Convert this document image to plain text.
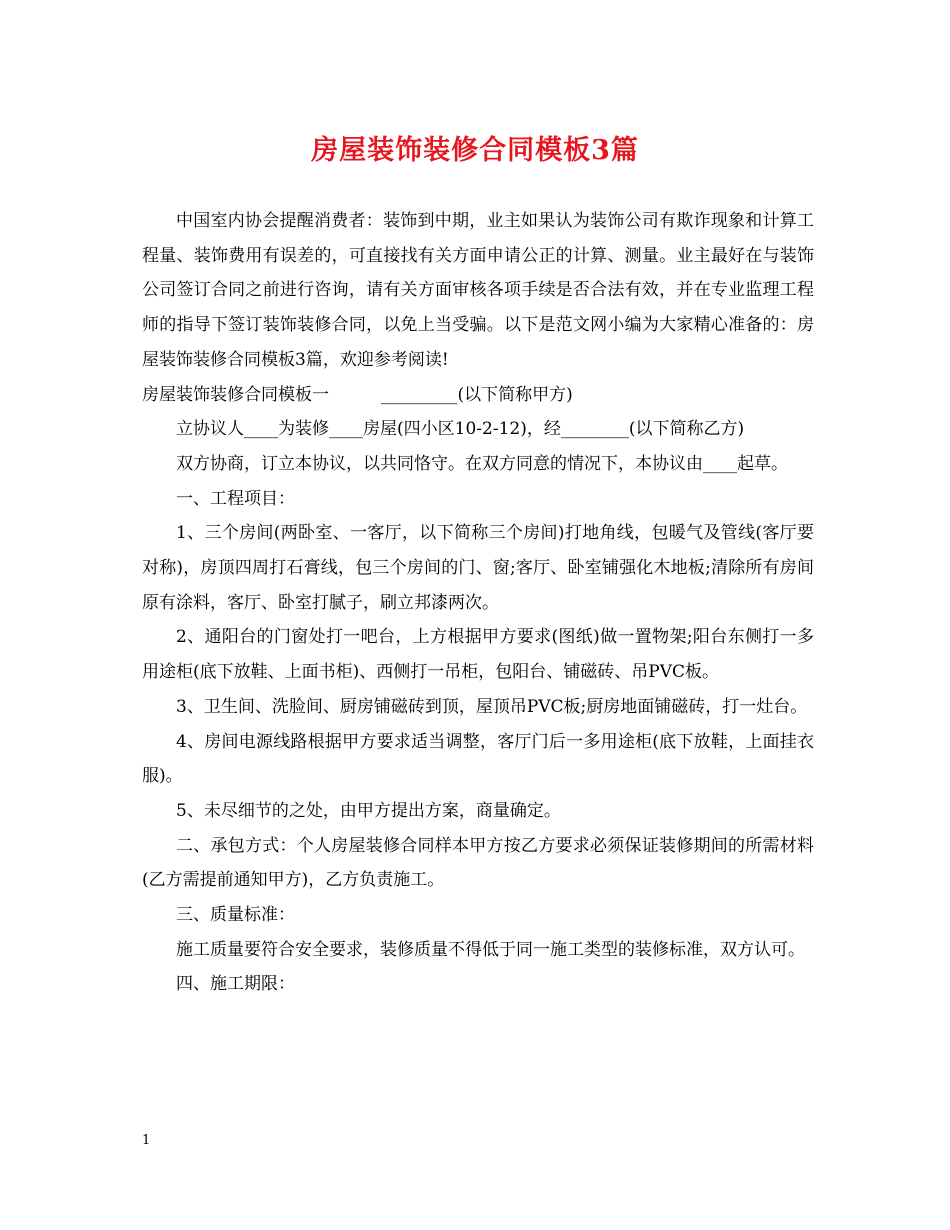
房屋装饰装修合同模板3篇

中国室内协会提醒消费者：装饰到中期，业主如果认为装饰公司有欺诈现象和计算工程量、装饰费用有误差的，可直接找有关方面申请公正的计算、测量。业主最好在与装饰公司签订合同之前进行咨询，请有关方面审核各项手续是否合法有效，并在专业监理工程师的指导下签订装饰装修合同，以免上当受骗。以下是范文网小编为大家精心准备的：房屋装饰装修合同模板3篇，欢迎参考阅读!

房屋装饰装修合同模板一	_________(以下简称甲方)

立协议人____为装修____房屋(四小区10-2-12)，经________(以下简称乙方)

双方协商，订立本协议，以共同恪守。在双方同意的情况下，本协议由____起草。

一、工程项目：

1、三个房间(两卧室、一客厅，以下简称三个房间)打地角线，包暖气及管线(客厅要对称)，房顶四周打石膏线，包三个房间的门、窗;客厅、卧室铺强化木地板;清除所有房间原有涂料，客厅、卧室打腻子，刷立邦漆两次。

2、通阳台的门窗处打一吧台，上方根据甲方要求(图纸)做一置物架;阳台东侧打一多用途柜(底下放鞋、上面书柜)、西侧打一吊柜，包阳台、铺磁砖、吊PVC板。

3、卫生间、洗脸间、厨房铺磁砖到顶，屋顶吊PVC板;厨房地面铺磁砖，打一灶台。

4、房间电源线路根据甲方要求适当调整，客厅门后一多用途柜(底下放鞋，上面挂衣服)。

5、未尽细节的之处，由甲方提出方案，商量确定。

二、承包方式：个人房屋装修合同样本甲方按乙方要求必须保证装修期间的所需材料(乙方需提前通知甲方)，乙方负责施工。

三、质量标准：

施工质量要符合安全要求，装修质量不得低于同一施工类型的装修标准，双方认可。

四、施工期限：

1
